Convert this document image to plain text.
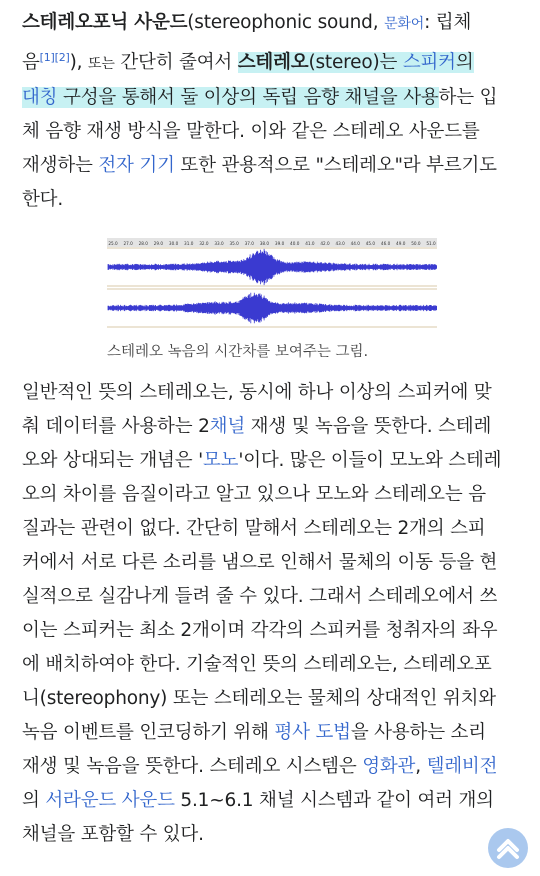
스테레오포닉 사운드(stereophonic sound, 문화어: 립체
음[1][2]), 또는 간단히 줄여서 스테레오(stereo)는 스피커의
대칭 구성을 통해서 둘 이상의 독립 음향 채널을 사용하는 입
체 음향 재생 방식을 말한다. 이와 같은 스테레오 사운드를
재생하는 전자 기기 또한 관용적으로 "스테레오"라 부르기도
한다.
25.0 27.0 28.0 29.0 30.0 31.0 32.0 33.0 35.0 37.0 38.0 39.0 40.0 41.0 42.0 43.0 44.0 45.0 46.0 49.0 50.0 51.0
스테레오 녹음의 시간차를 보여주는 그림.
일반적인 뜻의 스테레오는, 동시에 하나 이상의 스피커에 맞
춰 데이터를 사용하는 2채널 재생 및 녹음을 뜻한다. 스테레
오와 상대되는 개념은 '모노'이다. 많은 이들이 모노와 스테레
오의 차이를 음질이라고 알고 있으나 모노와 스테레오는 음
질과는 관련이 없다. 간단히 말해서 스테레오는 2개의 스피
커에서 서로 다른 소리를 냄으로 인해서 물체의 이동 등을 현
실적으로 실감나게 들려 줄 수 있다. 그래서 스테레오에서 쓰
이는 스피커는 최소 2개이며 각각의 스피커를 청취자의 좌우
에 배치하여야 한다. 기술적인 뜻의 스테레오는, 스테레오포
니(stereophony) 또는 스테레오는 물체의 상대적인 위치와
녹음 이벤트를 인코딩하기 위해 평사 도법을 사용하는 소리
재생 및 녹음을 뜻한다. 스테레오 시스템은 영화관, 텔레비전
의 서라운드 사운드 5.1~6.1 채널 시스템과 같이 여러 개의
채널을 포함할 수 있다.
